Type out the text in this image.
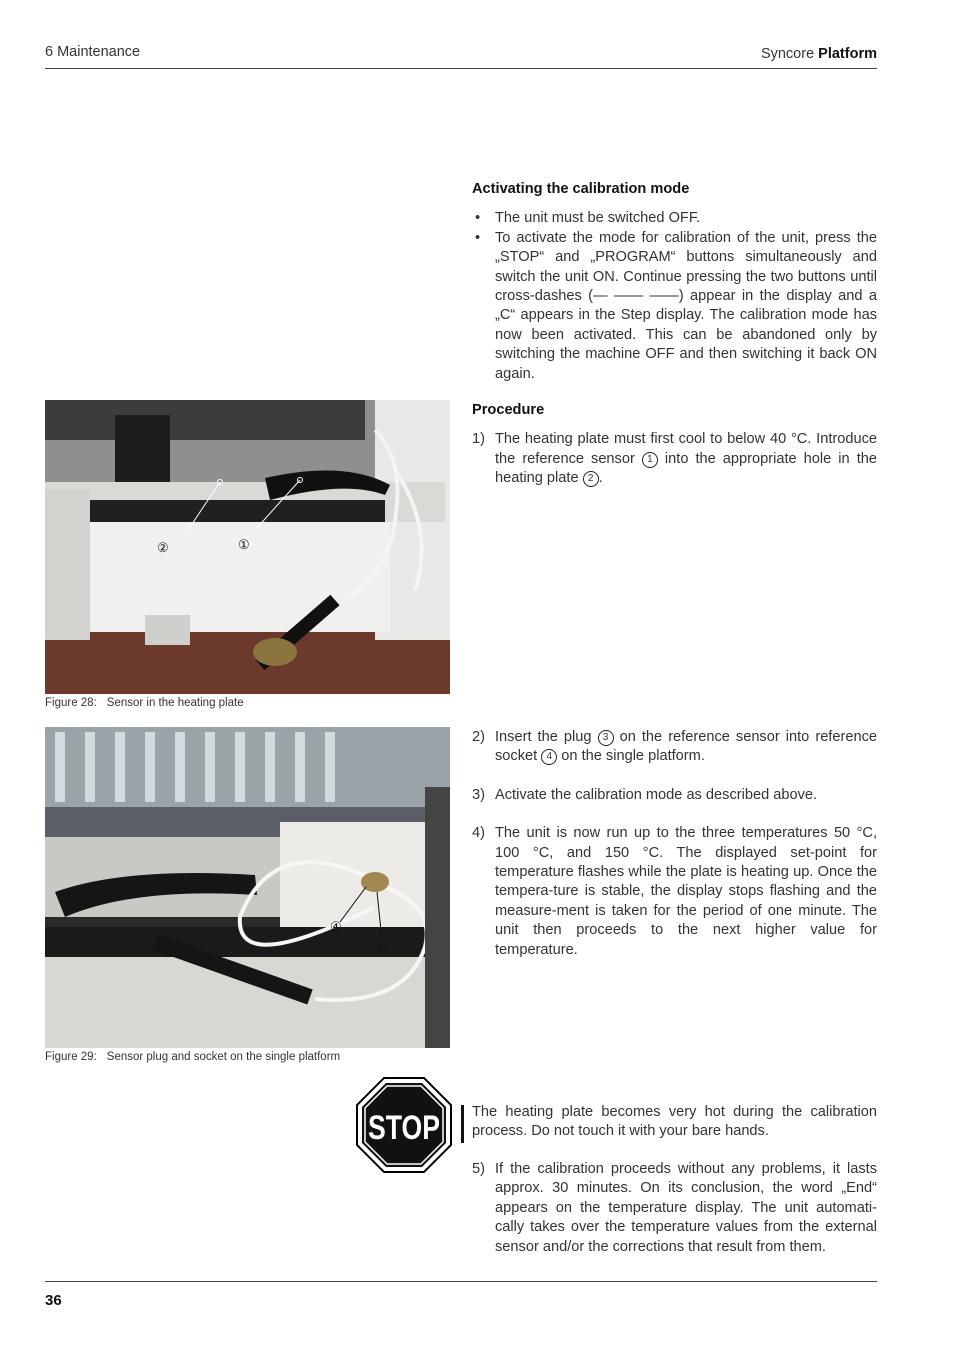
6 Maintenance	Syncore Platform

Activating the calibration mode

• The unit must be switched OFF.
• To activate the mode for calibration of the unit, press the „STOP“ and „PROGRAM“ buttons simultaneously and switch the unit ON. Continue pressing the two buttons until cross-dashes (— —— ——) appear in the display and a „C“ appears in the Step display. The calibration mode has now been activated. This can be abandoned only by switching the machine OFF and then switching it back ON again.

Procedure

1) The heating plate must first cool to below 40 °C. Introduce the reference sensor 1 into the appropriate hole in the heating plate 2 .
2) Insert the plug 3 on the reference sensor into reference socket 4 on the single platform.
3) Activate the calibration mode as described above.
4) The unit is now run up to the three temperatures 50 °C, 100 °C, and 150 °C. The displayed set-point for temperature flashes while the plate is heating up. Once the tempera-ture is stable, the display stops flashing and the measure-ment is taken for the period of one minute. The unit then proceeds to the next higher value for temperature.
The heating plate becomes very hot during the calibration process. Do not touch it with your bare hands.
5) If the calibration proceeds without any problems, it lasts approx. 30 minutes. On its conclusion, the word „End“ appears on the temperature display. The unit automati-cally takes over the temperature values from the external sensor and/or the corrections that result from them.
STOP
②	①
Figure 28: Sensor in the heating plate
④
③
Figure 29: Sensor plug and socket on the single platform
36
